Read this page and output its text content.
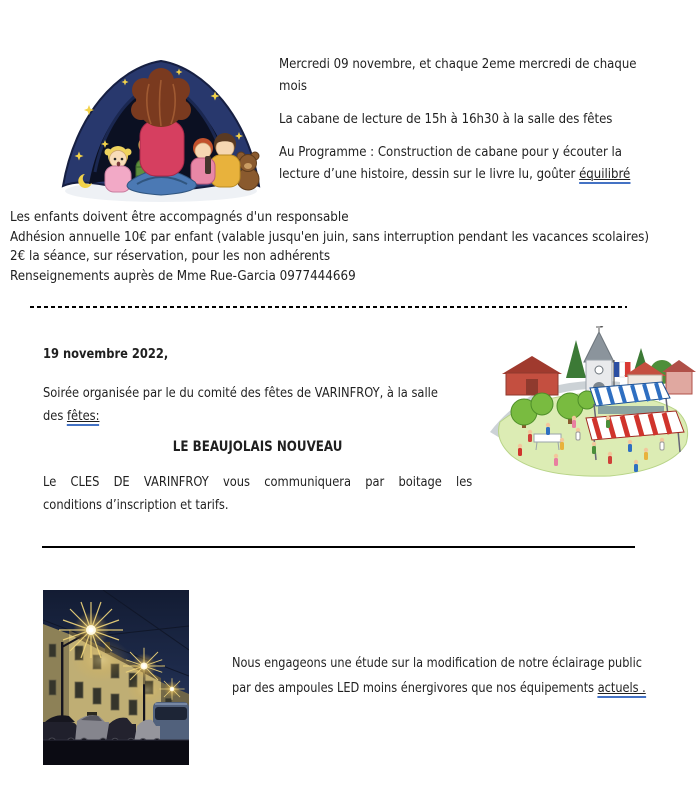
Mercredi 09 novembre, et chaque 2eme mercredi de chaque
mois

La cabane de lecture de 15h à 16h30 à la salle des fêtes

Au Programme : Construction de cabane pour y écouter la
lecture d’une histoire, dessin sur le livre lu, goûter équilibré

Les enfants doivent être accompagnés d'un responsable
Adhésion annuelle 10€ par enfant (valable jusqu'en juin, sans interruption pendant les vacances scolaires)
2€ la séance, sur réservation, pour les non adhérents
Renseignements auprès de Mme Rue-Garcia 0977444669

19 novembre 2022,

Soirée organisée par le du comité des fêtes de VARINFROY, à la salle
des fêtes:

LE BEAUJOLAIS NOUVEAU

Le CLES DE VARINFROY vous communiquera par boitage les
conditions d’inscription et tarifs.

Nous engageons une étude sur la modification de notre éclairage public
par des ampoules LED moins énergivores que nos équipements actuels .
